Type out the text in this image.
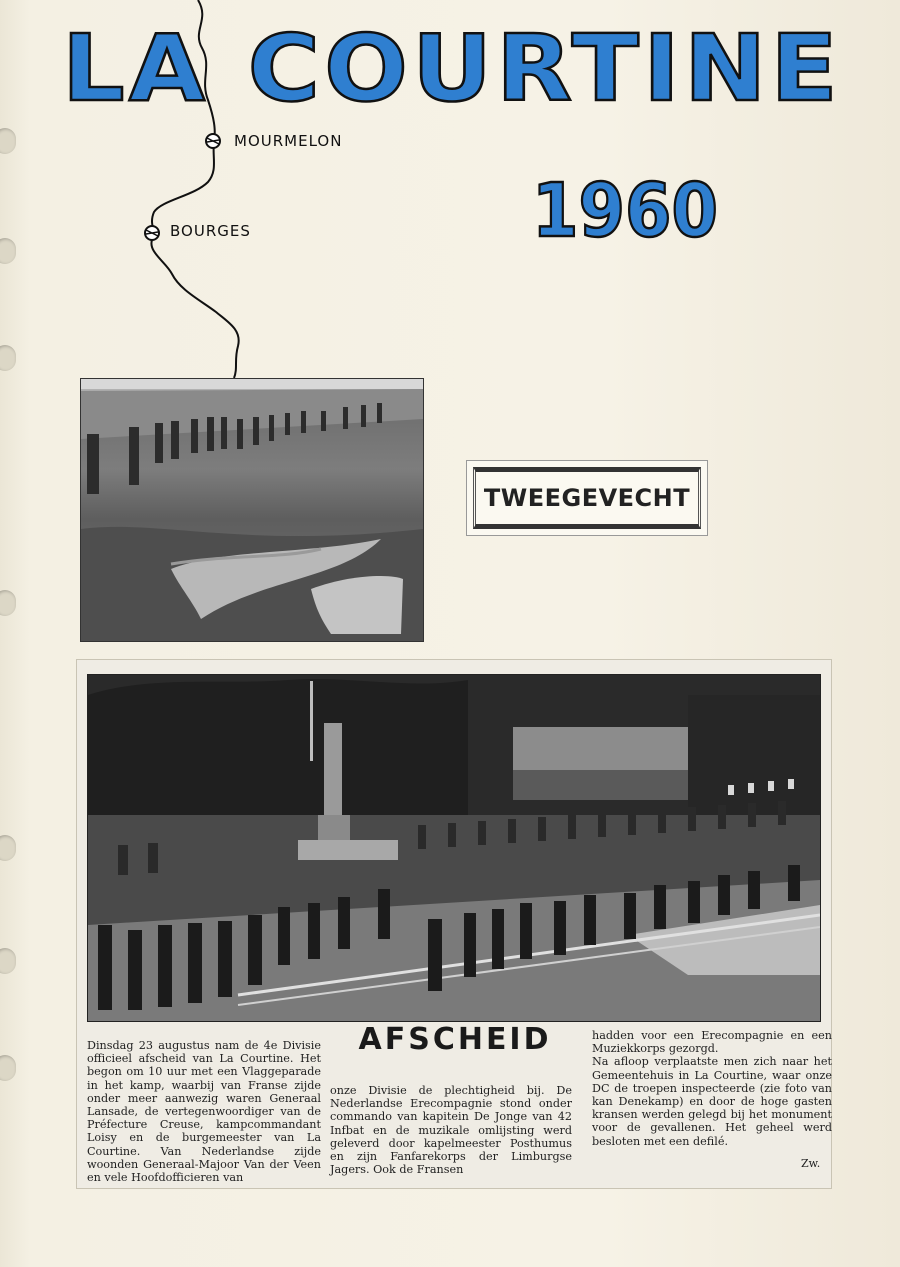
MOURMELON
BOURGES
LA COURTINE
1960
TWEEGEVECHT
Dinsdag 23 augustus nam de 4e Divisie officieel afscheid van La Courtine. Het begon om 10 uur met een Vlaggeparade in het kamp, waarbij van Franse zijde onder meer aanwezig waren Generaal Lansade, de vertegenwoordiger van de Préfecture Creuse, kampcommandant Loisy en de burgemeester van La Courtine. Van Nederlandse zijde woonden Generaal-Majoor Van der Veen en vele Hoofdofficieren van
AFSCHEID
onze Divisie de plechtigheid bij. De Nederlandse Erecompagnie stond onder commando van kapitein De Jonge van 42 Infbat en de muzikale omlijsting werd geleverd door kapelmeester Posthumus en zijn Fanfarekorps der Limburgse Jagers. Ook de Fransen
hadden voor een Erecompagnie en een Muziekkorps gezorgd.
Na afloop verplaatste men zich naar het Gemeentehuis in La Courtine, waar onze DC de troepen inspecteerde (zie foto van kan Denekamp) en door de hoge gasten kransen werden gelegd bij het monument voor de gevallenen. Het geheel werd besloten met een defilé.
Zw.
